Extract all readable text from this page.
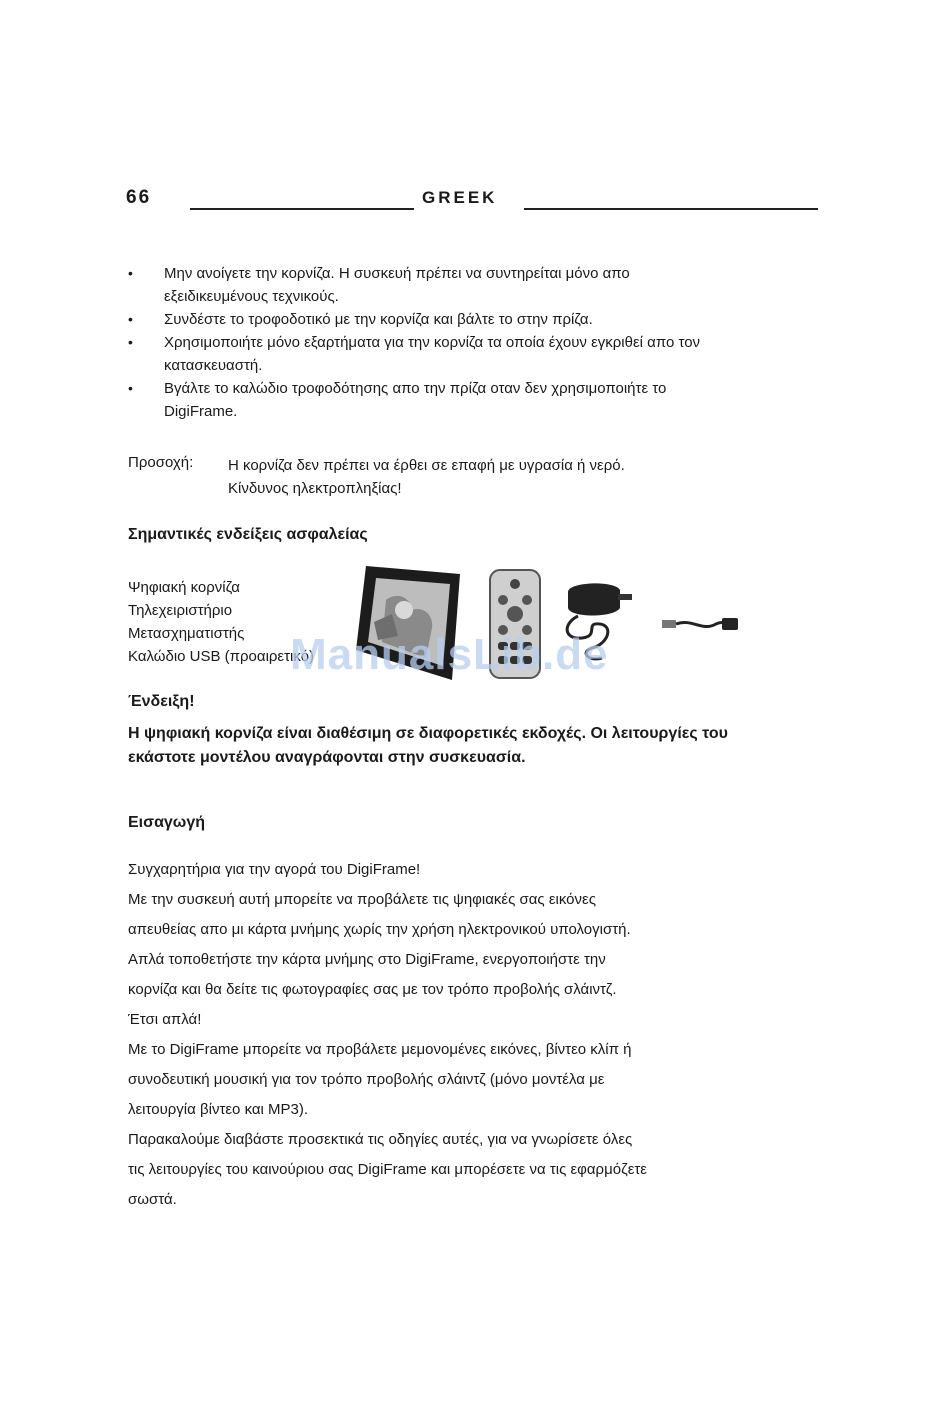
66	GREEK
• Μην ανοίγετε την κορνίζα. Η συσκευή πρέπει να συντηρείται μόνο απο εξειδικευμένους τεχνικούς.
• Συνδέστε το τροφοδοτικό με την κορνίζα και βάλτε το στην πρίζα.
• Χρησιμοποιήτε μόνο εξαρτήματα για την κορνίζα τα οποία έχουν εγκριθεί απο τον κατασκευαστή.
• Βγάλτε το καλώδιο τροφοδότησης απο την πρίζα οταν δεν χρησιμοποιήτε το DigiFrame.
Προσοχή: Η κορνίζα δεν πρέπει να έρθει σε επαφή με υγρασία ή νερό.
Κίνδυνος ηλεκτροπληξίας!
Σημαντικές ενδείξεις ασφαλείας
Ψηφιακή κορνίζα
Τηλεχειριστήριο
Μετασχηματιστής
Καλώδιο USB (προαιρετικό)
ManualsLib.de
Ένδειξη!
Η ψηφιακή κορνίζα είναι διαθέσιμη σε διαφορετικές εκδοχές. Οι λειτουργίες του εκάστοτε μοντέλου αναγράφονται στην συσκευασία.
Εισαγωγή
Συγχαρητήρια για την αγορά του DigiFrame!
Με την συσκευή αυτή μπορείτε να προβάλετε τις ψηφιακές σας εικόνες
απευθείας απο μι κάρτα μνήμης χωρίς την χρήση ηλεκτρονικού υπολογιστή.
Απλά τοποθετήστε την κάρτα μνήμης στο DigiFrame, ενεργοποιήστε την
κορνίζα και θα δείτε τις φωτογραφίες σας με τον τρόπο προβολής σλάιντζ.
Έτσι απλά!
Με το DigiFrame μπορείτε να προβάλετε μεμονομένες εικόνες, βίντεο κλίπ ή
συνοδευτική μουσική για τον τρόπο προβολής σλάιντζ (μόνο μοντέλα με
λειτουργία βίντεο και MP3).
Παρακαλούμε διαβάστε προσεκτικά τις οδηγίες αυτές, για να γνωρίσετε όλες
τις λειτουργίες του καινούριου σας DigiFrame και μπορέσετε να τις εφαρμόζετε
σωστά.
